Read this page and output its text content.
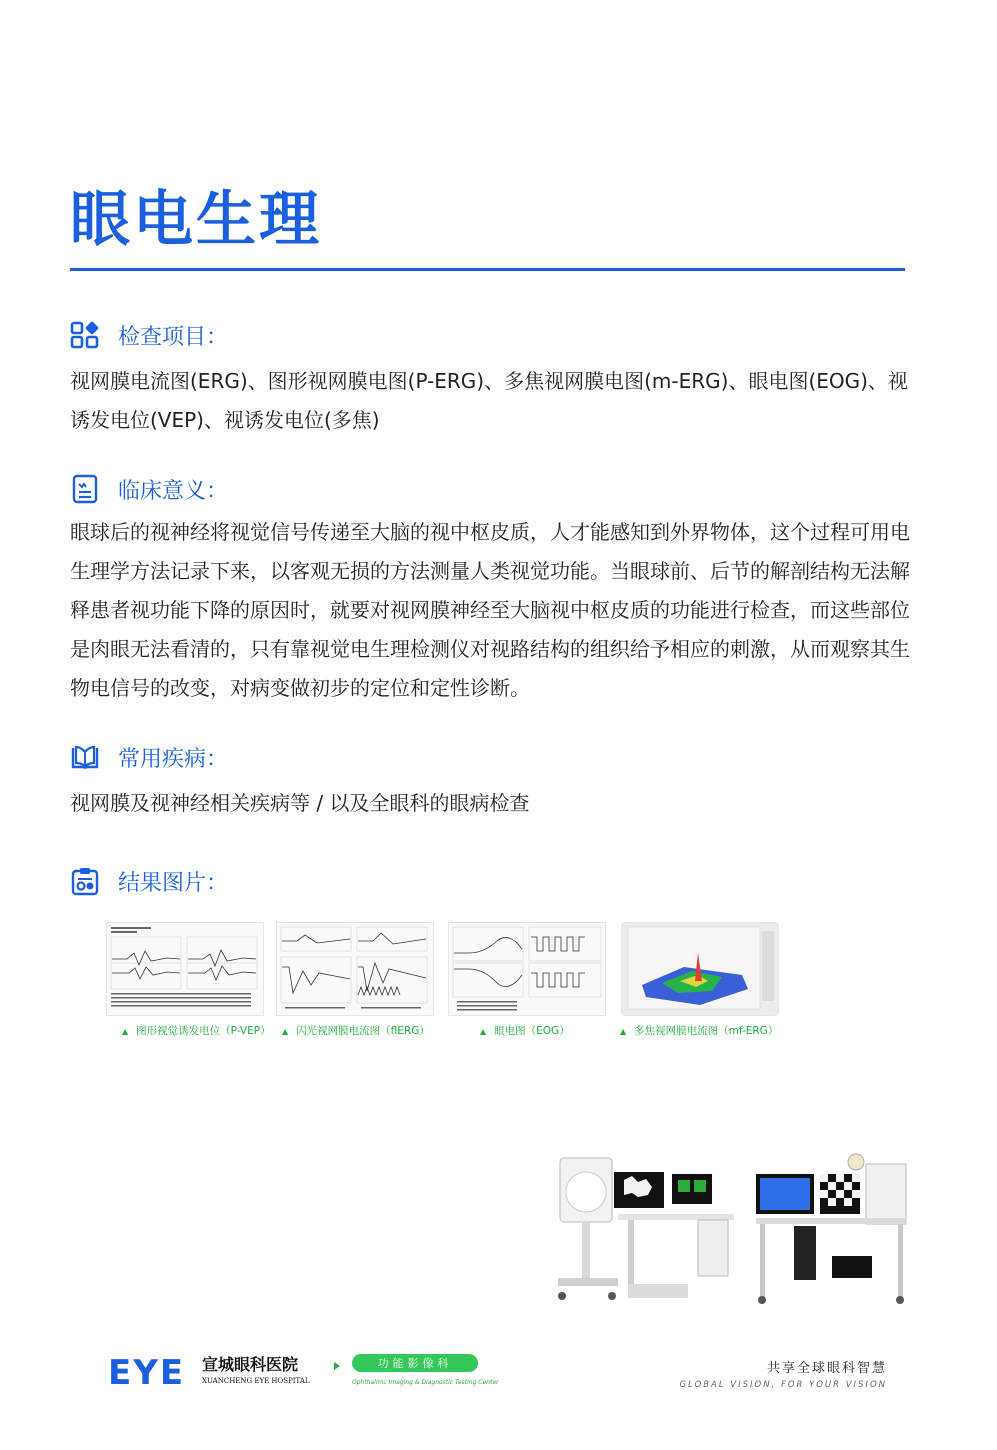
眼电生理
检查项目：
视网膜电流图(ERG)、图形视网膜电图(P-ERG)、多焦视网膜电图(m-ERG)、眼电图(EOG)、视诱发电位(VEP)、视诱发电位(多焦)
临床意义：
眼球后的视神经将视觉信号传递至大脑的视中枢皮质，人才能感知到外界物体，这个过程可用电生理学方法记录下来，以客观无损的方法测量人类视觉功能。当眼球前、后节的解剖结构无法解释患者视功能下降的原因时，就要对视网膜神经至大脑视中枢皮质的功能进行检查，而这些部位是肉眼无法看清的，只有靠视觉电生理检测仪对视路结构的组织给予相应的刺激，从而观察其生物电信号的改变，对病变做初步的定位和定性诊断。
常用疾病：
视网膜及视神经相关疾病等 / 以及全眼科的眼病检查
结果图片：
▲ 图形视觉诱发电位（P-VEP） ▲ 闪光视网膜电流图（flERG）	▲ 眼电图（EOG）	▲ 多焦视网膜电流图（mf-ERG）
EYE 宣城眼科医院
XUANCHENG EYE HOSPITAL
功能影像科
Ophthalmic Imaging & Diagnostic Testing Center
共享全球眼科智慧
GLOBAL VISION, FOR YOUR VISION
